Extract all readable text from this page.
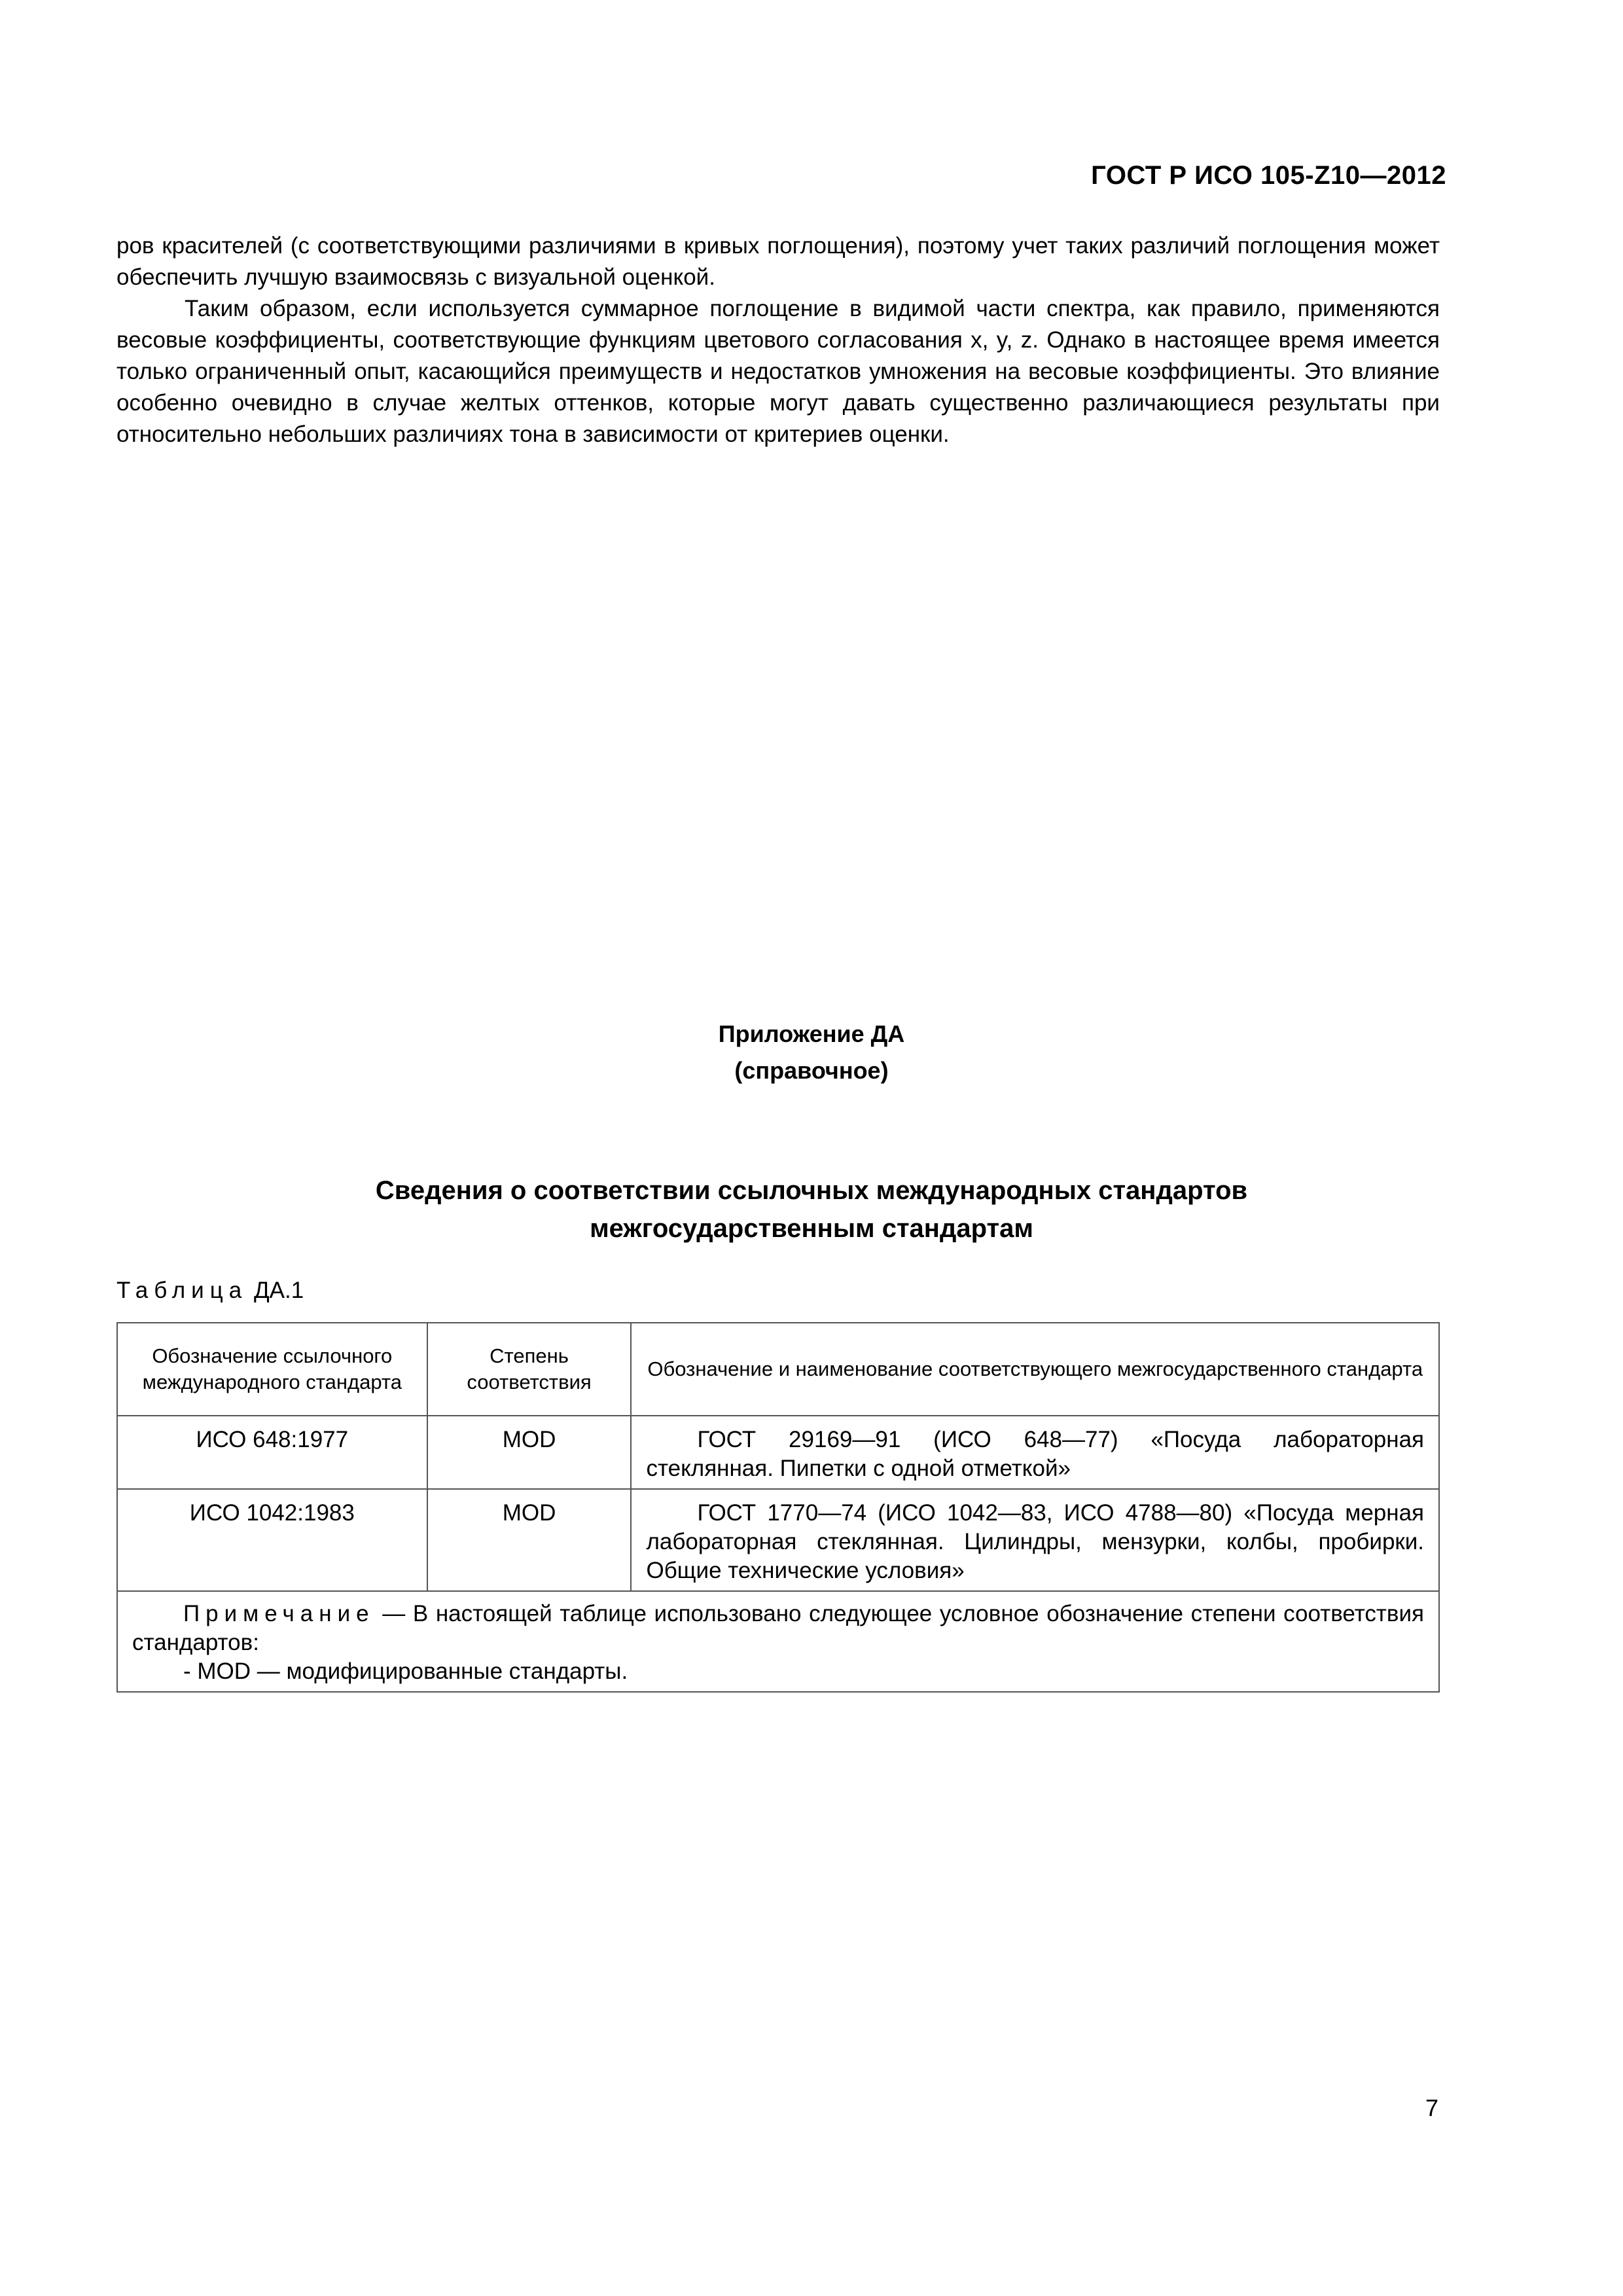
ГОСТ Р ИСО 105-Z10—2012

ров красителей (с соответствующими различиями в кривых поглощения), поэтому учет таких различий поглощения может обеспечить лучшую взаимосвязь с визуальной оценкой.

Таким образом, если используется суммарное поглощение в видимой части спектра, как правило, применяются весовые коэффициенты, соответствующие функциям цветового согласования x, y, z. Однако в настоящее время имеется только ограниченный опыт, касающийся преимуществ и недостатков умножения на весовые коэффициенты. Это влияние особенно очевидно в случае желтых оттенков, которые могут давать существенно различающиеся результаты при относительно небольших различиях тона в зависимости от критериев оценки.

Приложение ДА
(справочное)
Сведения о соответствии ссылочных международных стандартов
межгосударственным стандартам
Таблица ДА.1
Обозначение ссылочного международного стандарта	Степень соответствия	Обозначение и наименование соответствующего межгосударственного стандарта
ИСО 648:1977	MOD	ГОСТ 29169—91 (ИСО 648—77) «Посуда лабораторная стеклянная. Пипетки с одной отметкой»

ИСО 1042:1983	MOD	ГОСТ 1770—74 (ИСО 1042—83, ИСО 4788—80) «Посуда мерная лабораторная стеклянная. Цилиндры, мензурки, колбы, пробирки. Общие технические условия»

Примечание — В настоящей таблице использовано следующее условное обозначение степени соответствия стандартов:
- MOD — модифицированные стандарты.		
7
